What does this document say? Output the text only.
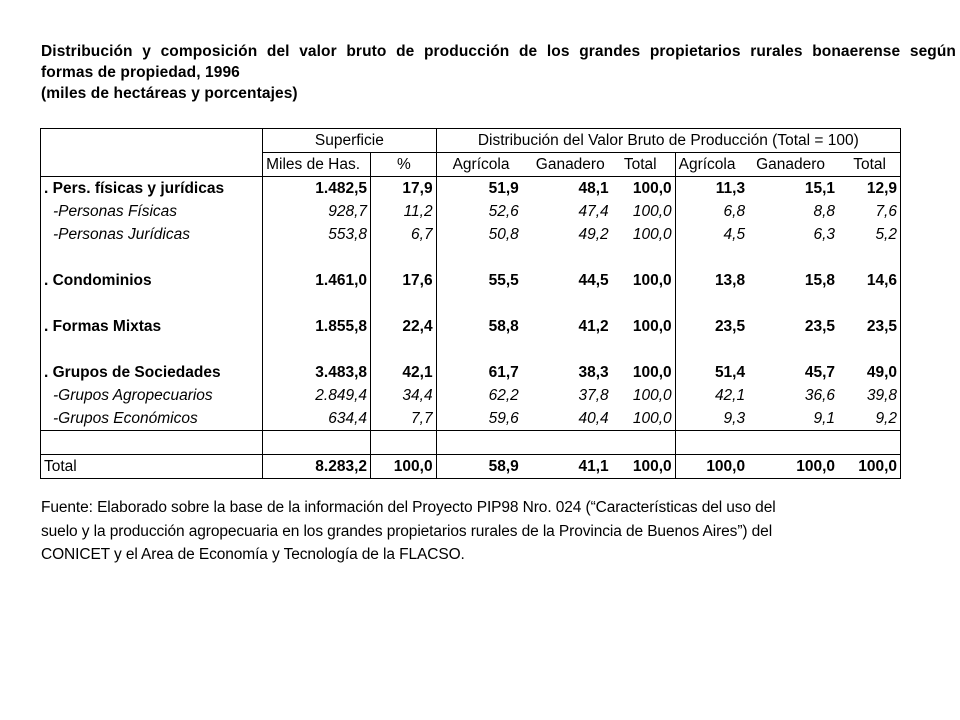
Distribución y composición del valor bruto de producción de los grandes propietarios rurales bonaerense según
formas de propiedad, 1996
(miles de hectáreas y porcentajes)
	Superficie		Distribución del Valor Bruto de Producción (Total = 100)					
	Miles de Has.	%	Agrícola	Ganadero	Total	Agrícola	Ganadero	Total
. Pers. físicas y jurídicas	1.482,5	17,9	51,9	48,1	100,0	11,3	15,1	12,9
-Personas Físicas	928,7	11,2	52,6	47,4	100,0	6,8	8,8	7,6
-Personas Jurídicas	553,8	6,7	50,8	49,2	100,0	4,5	6,3	5,2

. Condominios	1.461,0	17,6	55,5	44,5	100,0	13,8	15,8	14,6

. Formas Mixtas	1.855,8	22,4	58,8	41,2	100,0	23,5	23,5	23,5

. Grupos de Sociedades	3.483,8	42,1	61,7	38,3	100,0	51,4	45,7	49,0
-Grupos Agropecuarios	2.849,4	34,4	62,2	37,8	100,0	42,1	36,6	39,8
-Grupos Económicos	634,4	7,7	59,6	40,4	100,0	9,3	9,1	9,2

Total	8.283,2	100,0	58,9	41,1	100,0	100,0	100,0	100,0
Fuente: Elaborado sobre la base de la información del Proyecto PIP98 Nro. 024 (“Características del uso del
suelo y la producción agropecuaria en los grandes propietarios rurales de la Provincia de Buenos Aires”) del
CONICET y el Area de Economía y Tecnología de la FLACSO.
